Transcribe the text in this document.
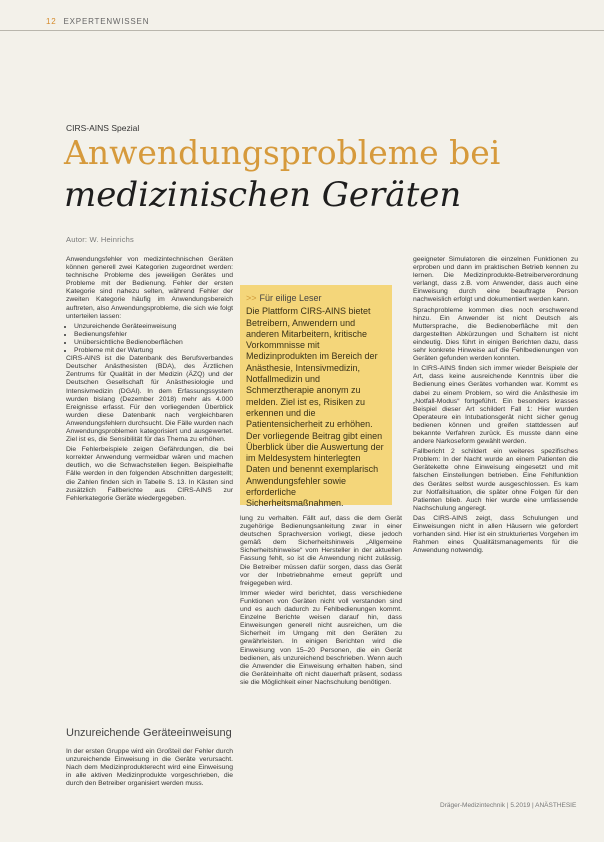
12 EXPERTENWISSEN
CIRS-AINS Spezial
Anwendungsprobleme bei
medizinischen Geräten
Autor: W. Heinrichs

Anwendungsfehler von medizintechnischen Geräten können generell zwei Kategorien zugeordnet werden: technische Probleme des jeweiligen Gerätes und Probleme mit der Bedienung. Fehler der ersten Kategorie sind nahezu selten, während Fehler der zweiten Kategorie häufig im Anwendungsbereich auftreten, also Anwendungsprobleme, die sich wie folgt unterteilen lassen:

• Unzureichende Geräteeinweisung
• Bedienungsfehler
• Unübersichtliche Bedienoberflächen
• Probleme mit der Wartung

CIRS-AINS ist die Datenbank des Berufsverbandes Deutscher Anästhesisten (BDA), des Ärztlichen Zentrums für Qualität in der Medizin (ÄZQ) und der Deutschen Gesellschaft für Anästhesiologie und Intensivmedizin (DGAI). In dem Erfassungssystem wurden bislang (Dezember 2018) mehr als 4.000 Ereignisse erfasst. Für den vorliegenden Überblick wurden diese Datenbank nach vergleichbaren Anwendungsfehlern durchsucht. Die Fälle wurden nach Anwendungsproblemen kategorisiert und ausgewertet. Ziel ist es, die Sensibilität für das Thema zu erhöhen.

Die Fehlerbeispiele zeigen Gefährdungen, die bei korrekter Anwendung vermeidbar wären und machen deutlich, wo die Schwachstellen liegen. Beispielhafte Fälle werden in den folgenden Abschnitten dargestellt; die Zahlen finden sich in Tabelle S. 13. In Kästen sind zusätzlich Fallberichte aus CIRS-AINS zur Fehlerkategorie Geräte wiedergegeben.

Unzureichende Geräteeinweisung

In der ersten Gruppe wird ein Großteil der Fehler durch unzureichende Einweisung in die Geräte verursacht. Nach dem Medizinprodukterecht wird eine Einweisung in alle aktiven Medizinprodukte vorgeschrieben, die durch den Betreiber organisiert werden muss.

>> Für eilige Leser
Die Plattform CIRS-AINS bietet Betreibern, Anwendern und anderen Mitarbeitern, kritische Vorkommnisse mit Medizinprodukten im Bereich der Anästhesie, Intensivmedizin, Notfallmedizin und Schmerztherapie anonym zu melden. Ziel ist es, Risiken zu erkennen und die Patientensicherheit zu erhöhen. Der vorliegende Beitrag gibt einen Überblick über die Auswertung der im Meldesystem hinterlegten Daten und benennt exemplarisch Anwendungsfehler sowie erforderliche Sicherheitsmaßnahmen.

lung zu verhalten. Fällt auf, dass die dem Gerät zugehörige Bedienungsanleitung zwar in einer deutschen Sprachversion vorliegt, diese jedoch gemäß dem Sicherheitshinweis „Allgemeine Sicherheitshinweise“ vom Hersteller in der aktuellen Fassung fehlt, so ist die Anwendung nicht zulässig. Die Betreiber müssen dafür sorgen, dass das Gerät vor der Inbetriebnahme erneut geprüft und freigegeben wird.

Immer wieder wird berichtet, dass verschiedene Funktionen von Geräten nicht voll verstanden sind und es auch dadurch zu Fehlbedienungen kommt. Einzelne Berichte weisen darauf hin, dass Einweisungen generell nicht ausreichen, um die Sicherheit im Umgang mit den Geräten zu gewährleisten. In einigen Berichten wird die Einweisung von 15–20 Personen, die ein Gerät bedienen, als unzureichend beschrieben. Wenn auch die Anwender die Einweisung erhalten haben, sind die Geräteinhalte oft nicht dauerhaft präsent, sodass sie die Möglichkeit einer Nachschulung benötigen.

geeigneter Simulatoren die einzelnen Funktionen zu erproben und dann im praktischen Betrieb kennen zu lernen. Die Medizinprodukte-Betreiberverordnung verlangt, dass z.B. vom Anwender, dass auch eine Einweisung durch eine beauftragte Person nachweislich erfolgt und dokumentiert werden kann.

Sprachprobleme kommen dies noch erschwerend hinzu. Ein Anwender ist nicht Deutsch als Muttersprache, die Bedienoberfläche mit den dargestellten Abkürzungen und Schaltern ist nicht eindeutig. Dies führt in einigen Berichten dazu, dass sehr konkrete Hinweise auf die Fehlbedienungen von Geräten gefunden werden konnten.

In CIRS-AINS finden sich immer wieder Beispiele der Art, dass keine ausreichende Kenntnis über die Bedienung eines Gerätes vorhanden war. Kommt es dabei zu einem Problem, so wird die Anästhesie im „Notfall-Modus“ fortgeführt. Ein besonders krasses Beispiel dieser Art schildert Fall 1: Hier wurden Operateure ein Intubationsgerät nicht sicher genug bedienen können und greifen stattdessen auf bekannte Verfahren zurück. Es musste dann eine andere Narkoseform gewählt werden.

Fallbericht 2 schildert ein weiteres spezifisches Problem: In der Nacht wurde an einem Patienten die Gerätekette ohne Einweisung eingesetzt und mit falschen Einstellungen betrieben. Eine Fehlfunktion des Gerätes selbst wurde ausgeschlossen. Es kam zur Notfallsituation, die später ohne Folgen für den Patienten blieb. Auch hier wurde eine umfassende Nachschulung angeregt.

Das CIRS-AINS zeigt, dass Schulungen und Einweisungen nicht in allen Häusern wie gefordert vorhanden sind. Hier ist ein strukturiertes Vorgehen im Rahmen eines Qualitätsmanagements für die Anwendung notwendig.

Dräger-Medizintechnik | 5.2019 | ANÄSTHESIE
